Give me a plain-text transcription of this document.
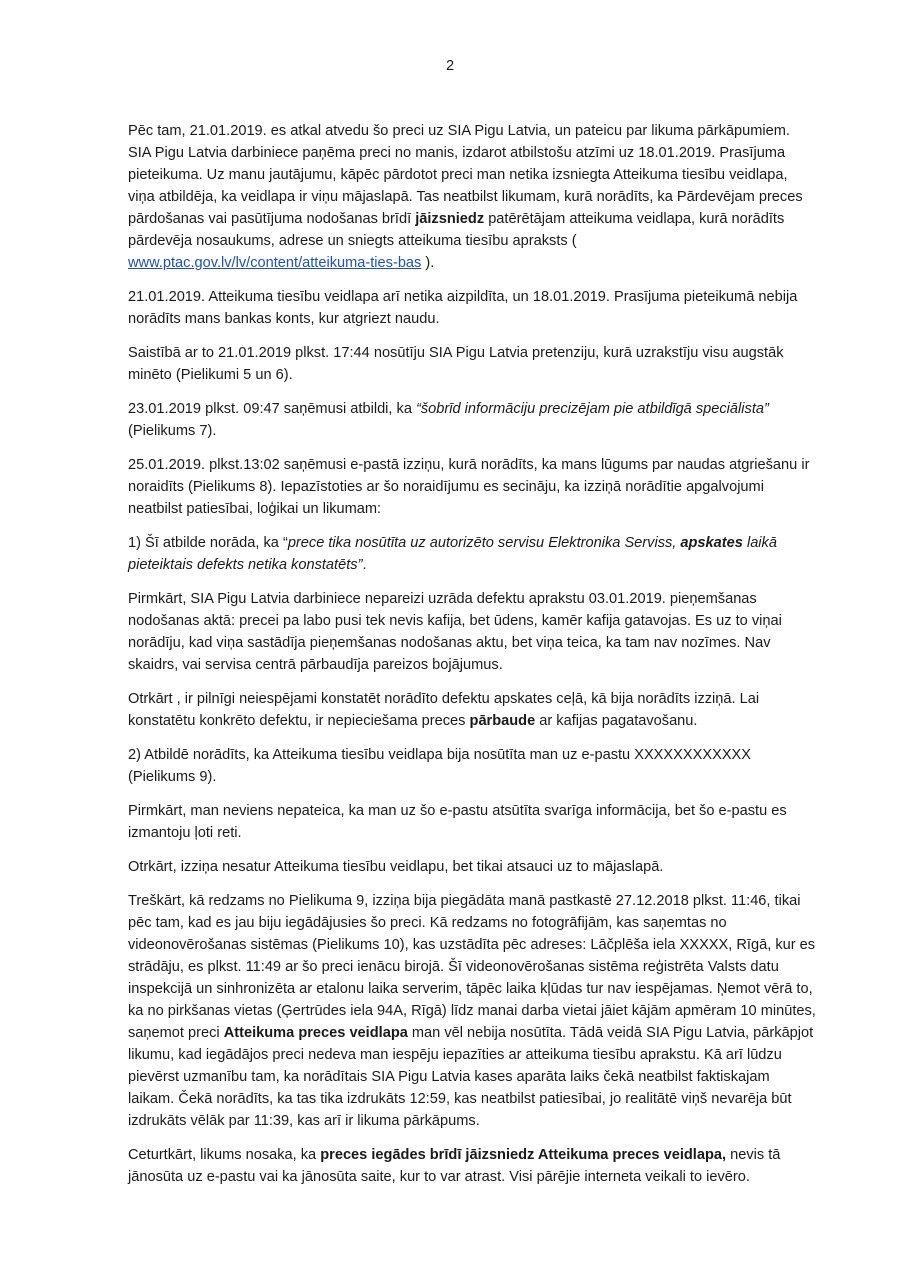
2

Pēc tam, 21.01.2019. es atkal atvedu šo preci uz SIA Pigu Latvia, un pateicu par likuma pārkāpumiem. SIA Pigu Latvia darbiniece paņēma preci no manis, izdarot atbilstošu atzīmi uz 18.01.2019. Prasījuma pieteikuma. Uz manu jautājumu, kāpēc pārdotot preci man netika izsniegta Atteikuma tiesību veidlapa, viņa atbildēja, ka veidlapa ir viņu mājaslapā. Tas neatbilst likumam, kurā norādīts, ka Pārdevējam preces pārdošanas vai pasūtījuma nodošanas brīdī jāizsniedz patērētājam atteikuma veidlapa, kurā norādīts pārdevēja nosaukums, adrese un sniegts atteikuma tiesību apraksts ( www.ptac.gov.lv/lv/content/atteikuma-ties-bas ).

21.01.2019. Atteikuma tiesību veidlapa arī netika aizpildīta, un 18.01.2019. Prasījuma pieteikumā nebija norādīts mans bankas konts, kur atgriezt naudu.

Saistībā ar to 21.01.2019 plkst. 17:44 nosūtīju SIA Pigu Latvia pretenziju, kurā uzrakstīju visu augstāk minēto (Pielikumi 5 un 6).

23.01.2019 plkst. 09:47 saņēmusi atbildi, ka “šobrīd informāciju precizējam pie atbildīgā speciālista” (Pielikums 7).

25.01.2019. plkst.13:02 saņēmusi e-pastā izziņu, kurā norādīts, ka mans lūgums par naudas atgriešanu ir noraidīts (Pielikums 8). Iepazīstoties ar šo noraidījumu es secināju, ka izziņā norādītie apgalvojumi neatbilst patiesībai, loģikai un likumam:

1) Šī atbilde norāda, ka “prece tika nosūtīta uz autorizēto servisu Elektronika Serviss, apskates laikā pieteiktais defekts netika konstatēts”.

Pirmkārt, SIA Pigu Latvia darbiniece nepareizi uzrāda defektu aprakstu 03.01.2019. pieņemšanas nodošanas aktā: precei pa labo pusi tek nevis kafija, bet ūdens, kamēr kafija gatavojas. Es uz to viņai norādīju, kad viņa sastādīja pieņemšanas nodošanas aktu, bet viņa teica, ka tam nav nozīmes. Nav skaidrs, vai servisa centrā pārbaudīja pareizos bojājumus.

Otrkārt , ir pilnīgi neiespējami konstatēt norādīto defektu apskates ceļā, kā bija norādīts izziņā. Lai konstatētu konkrēto defektu, ir nepieciešama preces pārbaude ar kafijas pagatavošanu.

2) Atbildē norādīts, ka Atteikuma tiesību veidlapa bija nosūtīta man uz e-pastu XXXXXXXXXXXX (Pielikums 9).

Pirmkārt, man neviens nepateica, ka man uz šo e-pastu atsūtīta svarīga informācija, bet šo e-pastu es izmantoju ļoti reti.

Otrkārt, izziņa nesatur Atteikuma tiesību veidlapu, bet tikai atsauci uz to mājaslapā.

Treškārt, kā redzams no Pielikuma 9, izziņa bija piegādāta manā pastkastē 27.12.2018 plkst. 11:46, tikai pēc tam, kad es jau biju iegādājusies šo preci. Kā redzams no fotogrāfijām, kas saņemtas no videonovērošanas sistēmas (Pielikums 10), kas uzstādīta pēc adreses: Lāčplēša iela XXXXX, Rīgā, kur es strādāju, es plkst. 11:49 ar šo preci ienācu birojā. Šī videonovērošanas sistēma reģistrēta Valsts datu inspekcijā un sinhronizēta ar etalonu laika serverim, tāpēc laika kļūdas tur nav iespējamas. Ņemot vērā to, ka no pirkšanas vietas (Ģertrūdes iela 94A, Rīgā) līdz manai darba vietai jāiet kājām apmēram 10 minūtes, saņemot preci Atteikuma preces veidlapa man vēl nebija nosūtīta. Tādā veidā SIA Pigu Latvia, pārkāpjot likumu, kad iegādājos preci nedeva man iespēju iepazīties ar atteikuma tiesību aprakstu. Kā arī lūdzu pievērst uzmanību tam, ka norādītais SIA Pigu Latvia kases aparāta laiks čekā neatbilst faktiskajam laikam. Čekā norādīts, ka tas tika izdrukāts 12:59, kas neatbilst patiesībai, jo realitātē viņš nevarēja būt izdrukāts vēlāk par 11:39, kas arī ir likuma pārkāpums.

Ceturtkārt, likums nosaka, ka preces iegādes brīdī jāizsniedz Atteikuma preces veidlapa, nevis tā jānosūta uz e-pastu vai ka jānosūta saite, kur to var atrast. Visi pārējie interneta veikali to ievēro.
